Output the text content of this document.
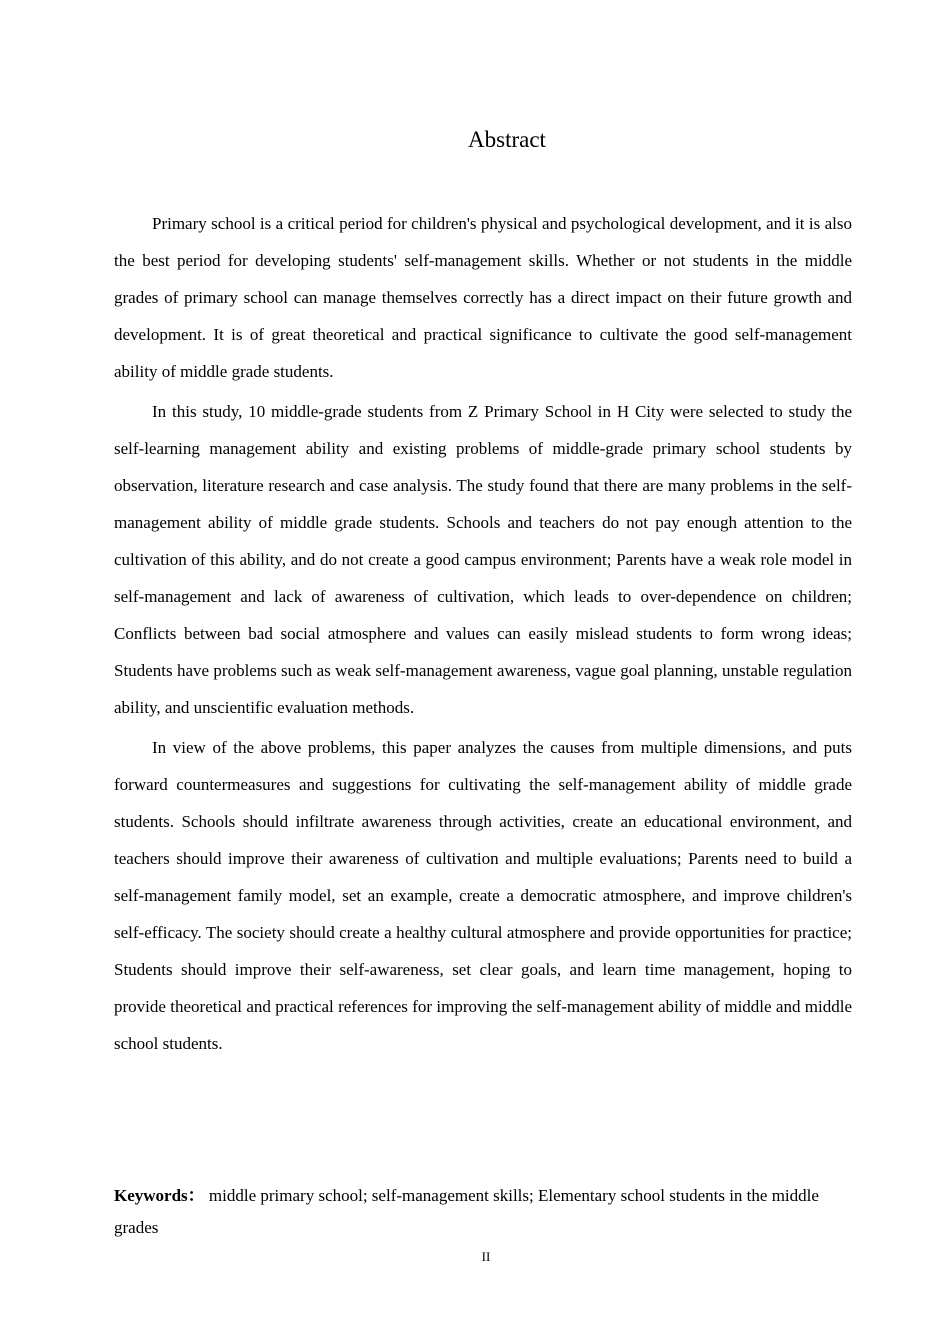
Abstract

Primary school is a critical period for children's physical and psychological development, and it is also the best period for developing students' self-management skills. Whether or not students in the middle grades of primary school can manage themselves correctly has a direct impact on their future growth and development. It is of great theoretical and practical significance to cultivate the good self-management ability of middle grade students.

In this study, 10 middle-grade students from Z Primary School in H City were selected to study the self-learning management ability and existing problems of middle-grade primary school students by observation, literature research and case analysis. The study found that there are many problems in the self-management ability of middle grade students. Schools and teachers do not pay enough attention to the cultivation of this ability, and do not create a good campus environment; Parents have a weak role model in self-management and lack of awareness of cultivation, which leads to over-dependence on children; Conflicts between bad social atmosphere and values can easily mislead students to form wrong ideas; Students have problems such as weak self-management awareness, vague goal planning, unstable regulation ability, and unscientific evaluation methods.

In view of the above problems, this paper analyzes the causes from multiple dimensions, and puts forward countermeasures and suggestions for cultivating the self-management ability of middle grade students. Schools should infiltrate awareness through activities, create an educational environment, and teachers should improve their awareness of cultivation and multiple evaluations; Parents need to build a self-management family model, set an example, create a democratic atmosphere, and improve children's self-efficacy. The society should create a healthy cultural atmosphere and provide opportunities for practice; Students should improve their self-awareness, set clear goals, and learn time management, hoping to provide theoretical and practical references for improving the self-management ability of middle and middle school students.

Keywords： middle primary school; self-management skills; Elementary school students in the middle grades

II
